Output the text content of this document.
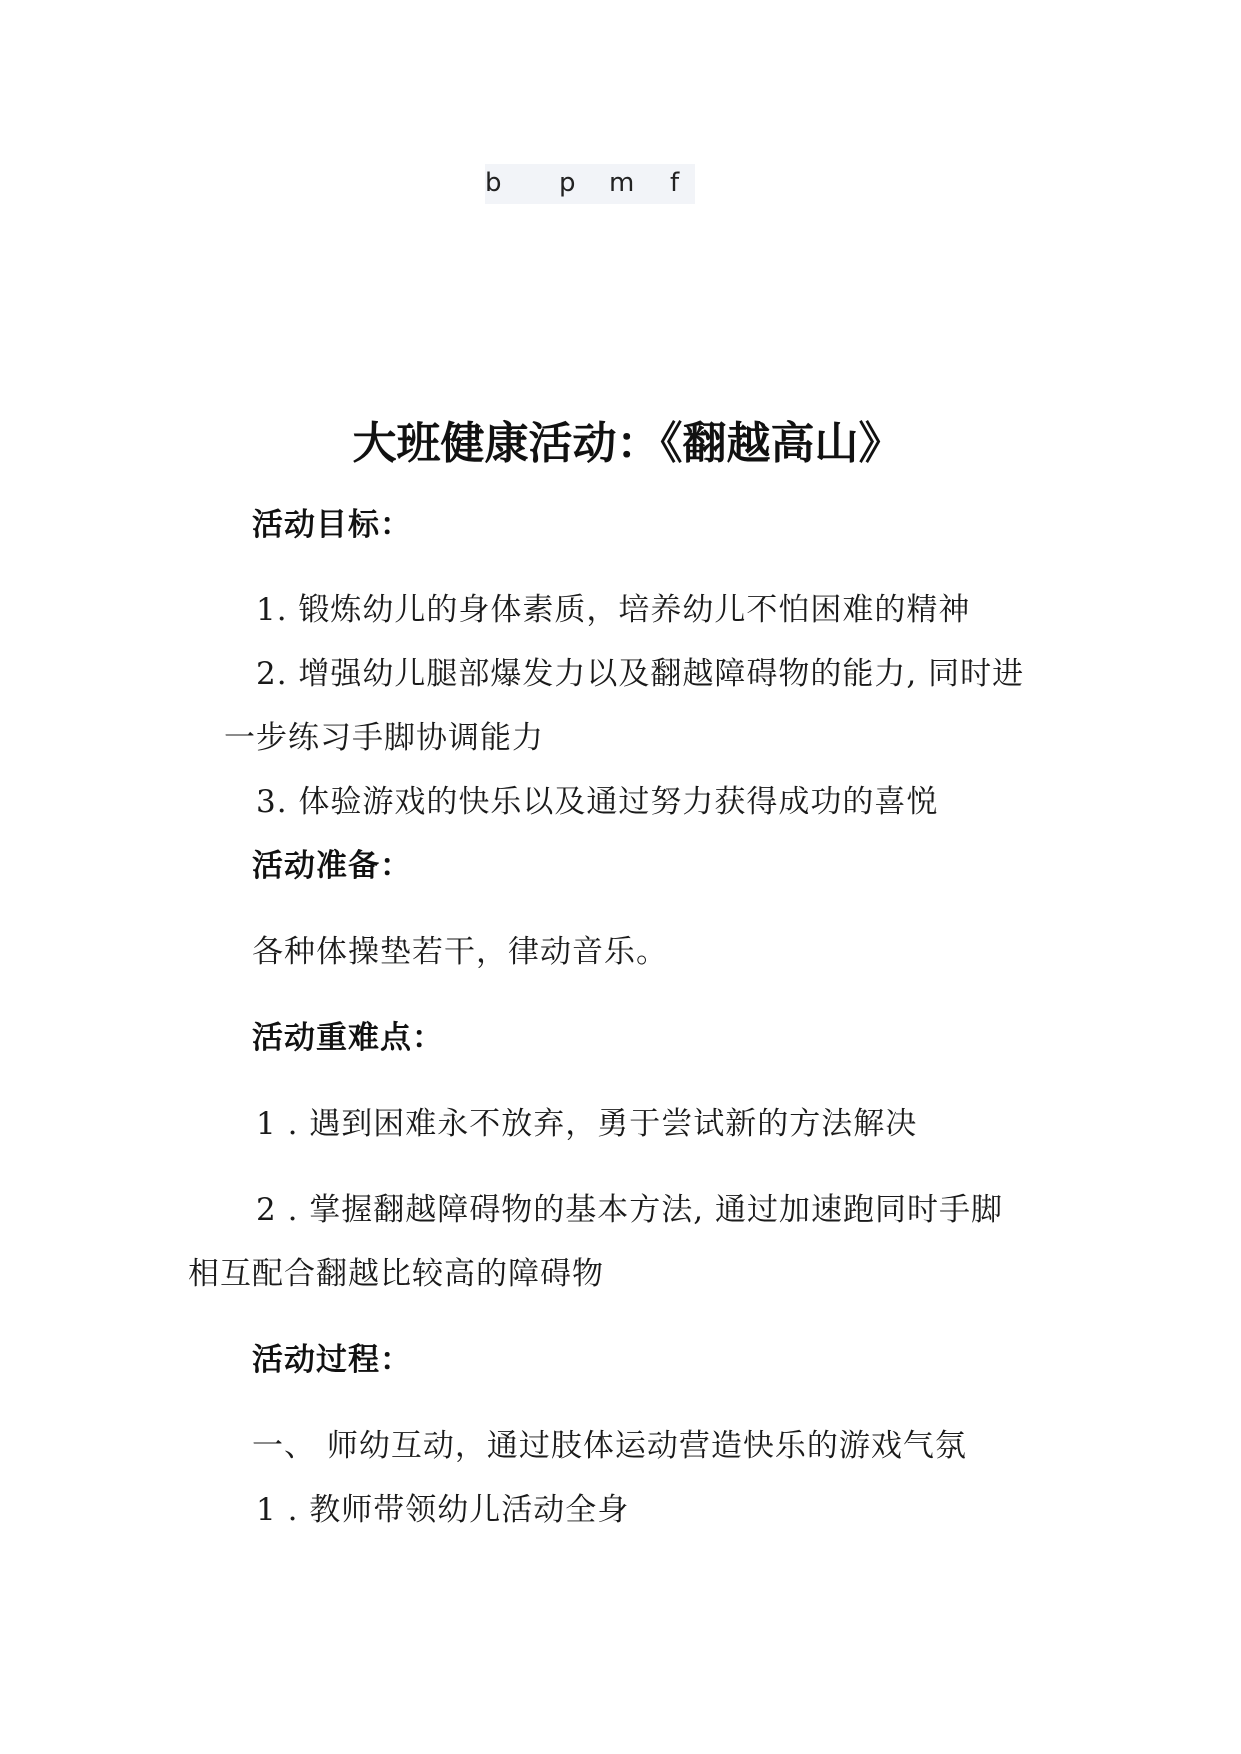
b p m f
大班健康活动：《翻越高山》
活动目标：
1. 锻炼幼儿的身体素质，培养幼儿不怕困难的精神
2. 增强幼儿腿部爆发力以及翻越障碍物的能力, 同时进
一步练习手脚协调能力
3. 体验游戏的快乐以及通过努力获得成功的喜悦
活动准备：
各种体操垫若干，律动音乐。
活动重难点：
1 . 遇到困难永不放弃，勇于尝试新的方法解决
2 . 掌握翻越障碍物的基本方法, 通过加速跑同时手脚
相互配合翻越比较高的障碍物
活动过程：
一、 师幼互动，通过肢体运动营造快乐的游戏气氛
1 . 教师带领幼儿活动全身
